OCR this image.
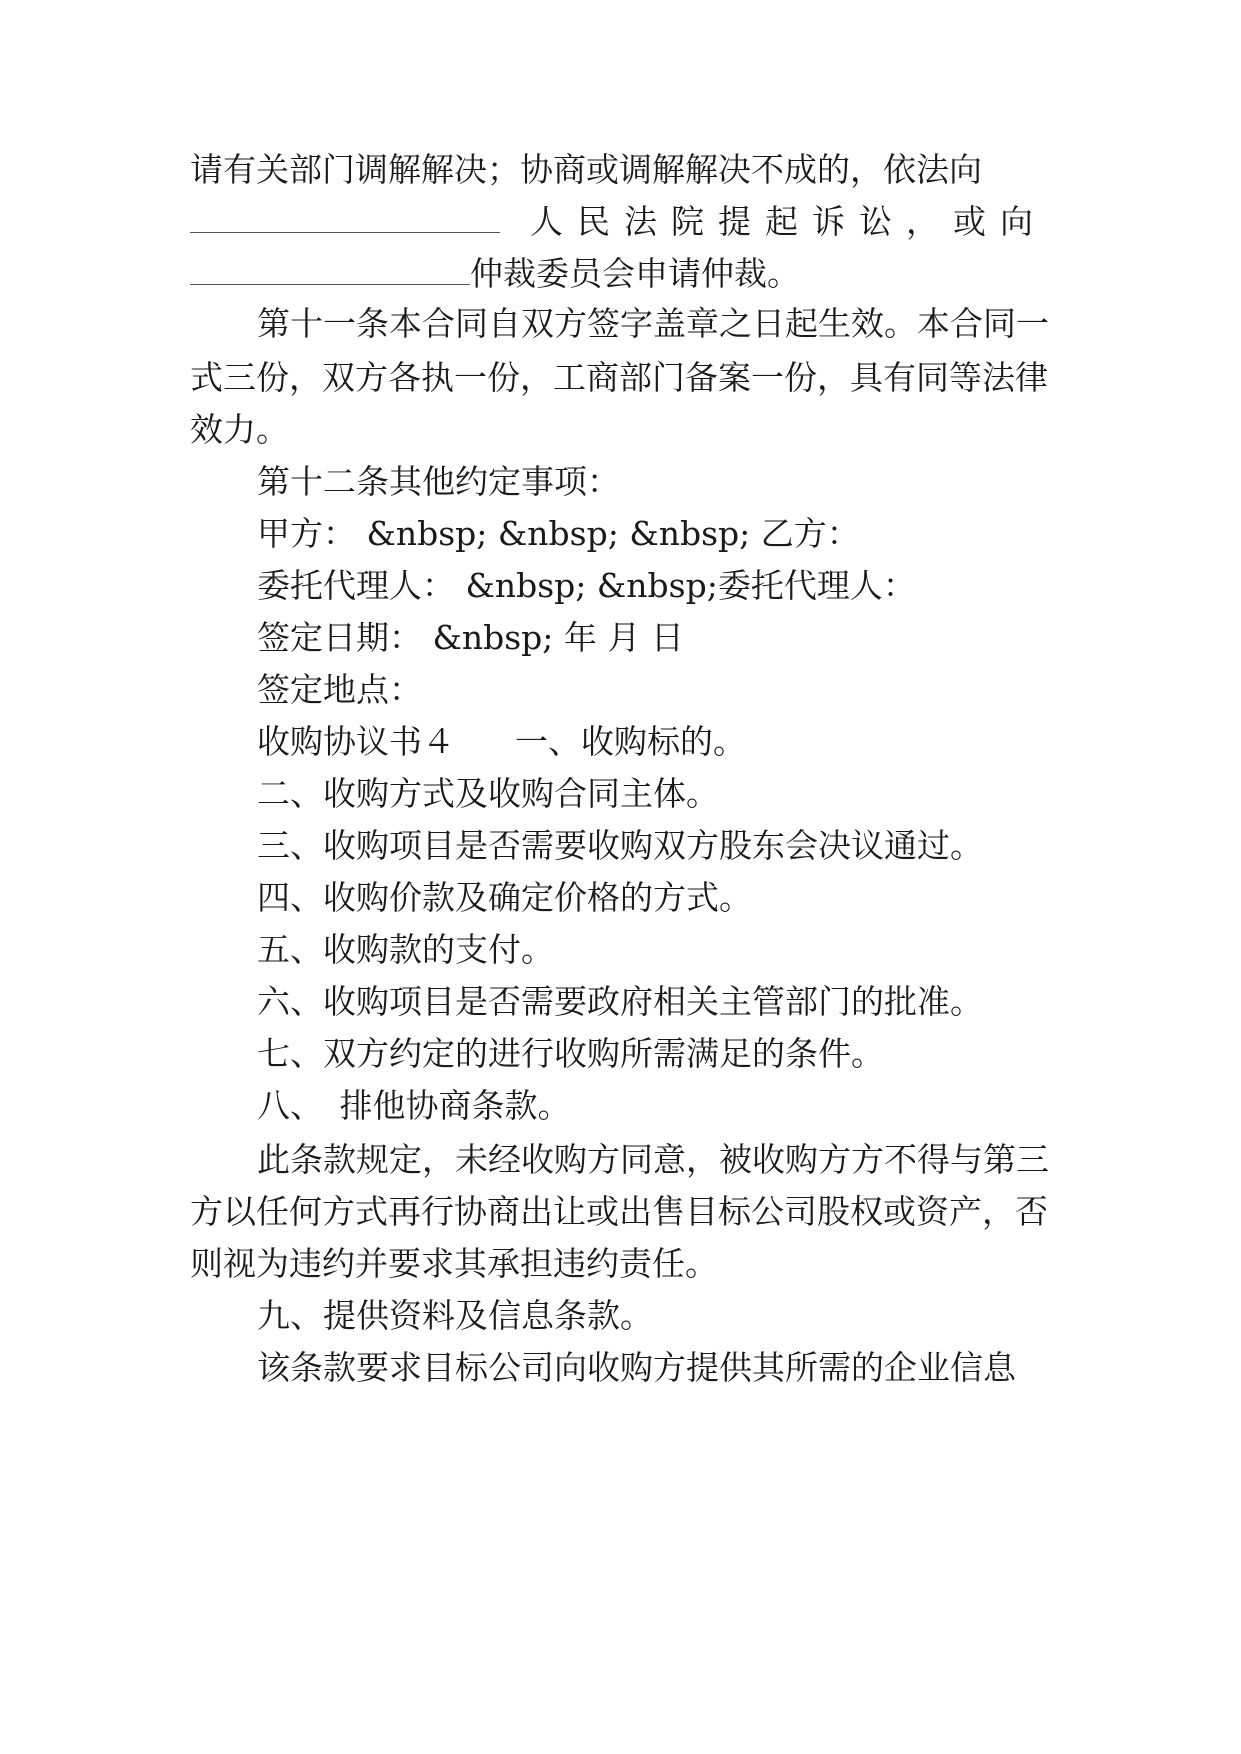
请有关部门调解解决；协商或调解解决不成的，依法向
人民法院提起诉讼，或向
仲裁委员会申请仲裁。
第十一条本合同自双方签字盖章之日起生效。本合同一
式三份，双方各执一份，工商部门备案一份，具有同等法律
效力。
第十二条其他约定事项：
甲方： &nbsp; &nbsp; &nbsp; 乙方：
委托代理人： &nbsp; &nbsp;委托代理人：
签定日期： &nbsp; 年 月 日
签定地点：
收购协议书４ 一、收购标的。
二、收购方式及收购合同主体。
三、收购项目是否需要收购双方股东会决议通过。
四、收购价款及确定价格的方式。
五、收购款的支付。
六、收购项目是否需要政府相关主管部门的批准。
七、双方约定的进行收购所需满足的条件。
八、　排他协商条款。
此条款规定，未经收购方同意，被收购方方不得与第三
方以任何方式再行协商出让或出售目标公司股权或资产，否
则视为违约并要求其承担违约责任。
九、提供资料及信息条款。
该条款要求目标公司向收购方提供其所需的企业信息
